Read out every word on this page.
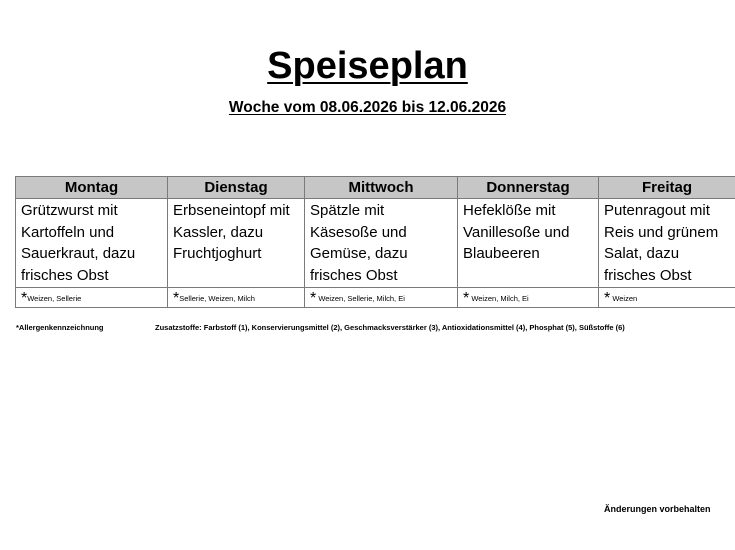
Speiseplan
Woche vom 08.06.2026 bis 12.06.2026
Montag	Dienstag	Mittwoch	Donnerstag	Freitag
Grützwurst mit Kartoffeln und Sauerkraut, dazu frisches Obst	Erbseneintopf mit Kassler, dazu Fruchtjoghurt	Spätzle mit Käsesoße und Gemüse, dazu frisches Obst	Hefeklöße mit Vanillesoße und Blaubeeren	Putenragout mit Reis und grünem Salat, dazu frisches Obst
*Weizen, Sellerie	*Sellerie, Weizen, Milch	* Weizen, Sellerie, Milch, Ei	* Weizen, Milch, Ei	* Weizen
*Allergenkennzeichnung	Zusatzstoffe: Farbstoff (1), Konservierungsmittel (2), Geschmacksverstärker (3), Antioxidationsmittel (4), Phosphat (5), Süßstoffe (6)
Änderungen vorbehalten
